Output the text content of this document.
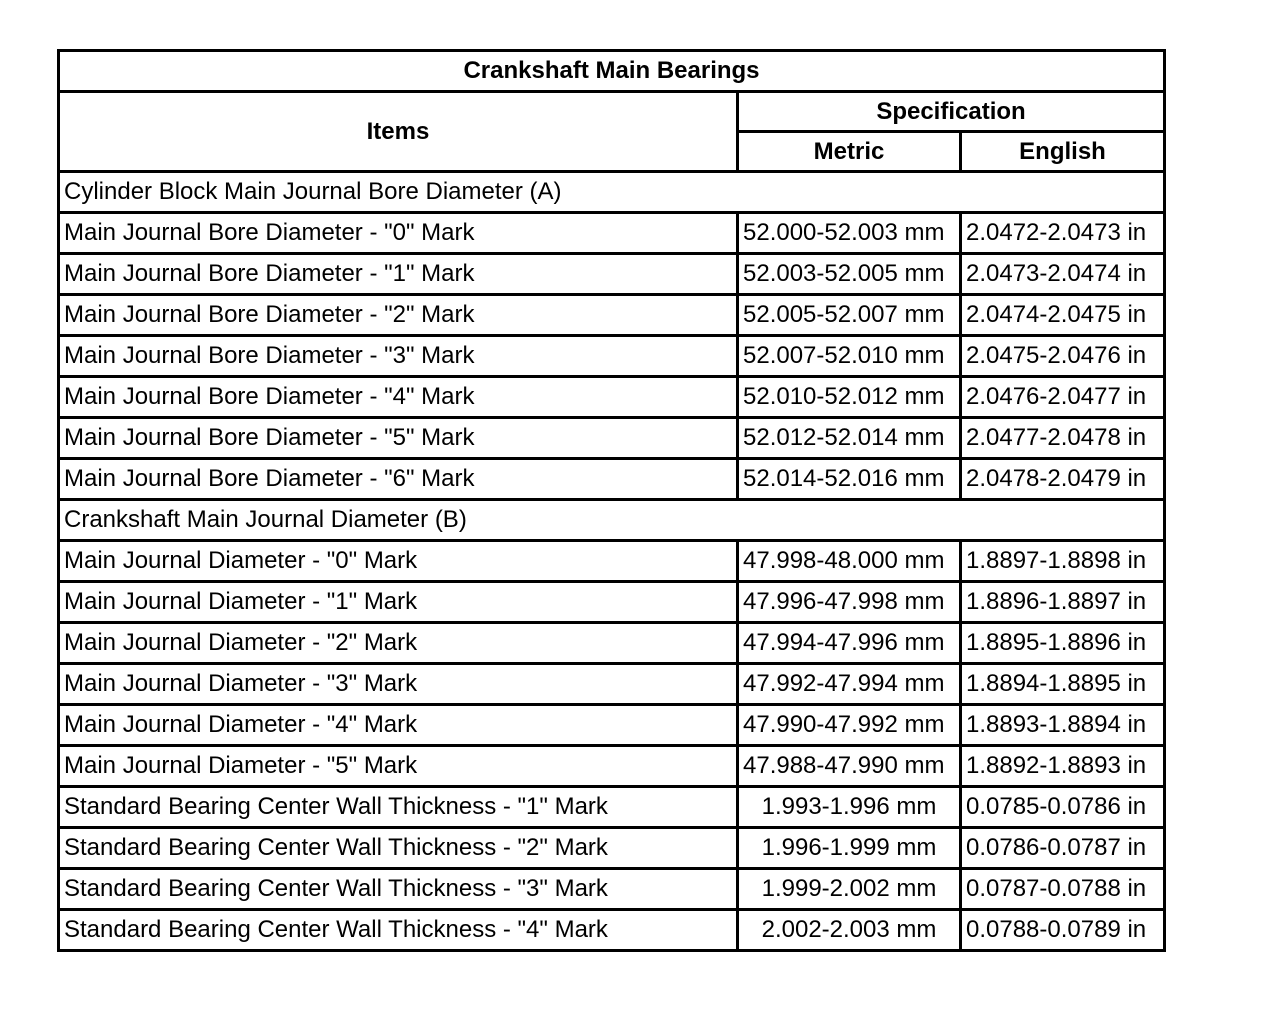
Crankshaft Main Bearings		
Items	Specification	
	Metric	English
Cylinder Block Main Journal Bore Diameter (A)		
Main Journal Bore Diameter - "0" Mark	52.000-52.003 mm	2.0472-2.0473 in
Main Journal Bore Diameter - "1" Mark	52.003-52.005 mm	2.0473-2.0474 in
Main Journal Bore Diameter - "2" Mark	52.005-52.007 mm	2.0474-2.0475 in
Main Journal Bore Diameter - "3" Mark	52.007-52.010 mm	2.0475-2.0476 in
Main Journal Bore Diameter - "4" Mark	52.010-52.012 mm	2.0476-2.0477 in
Main Journal Bore Diameter - "5" Mark	52.012-52.014 mm	2.0477-2.0478 in
Main Journal Bore Diameter - "6" Mark	52.014-52.016 mm	2.0478-2.0479 in
Crankshaft Main Journal Diameter (B)		
Main Journal Diameter - "0" Mark	47.998-48.000 mm	1.8897-1.8898 in
Main Journal Diameter - "1" Mark	47.996-47.998 mm	1.8896-1.8897 in
Main Journal Diameter - "2" Mark	47.994-47.996 mm	1.8895-1.8896 in
Main Journal Diameter - "3" Mark	47.992-47.994 mm	1.8894-1.8895 in
Main Journal Diameter - "4" Mark	47.990-47.992 mm	1.8893-1.8894 in
Main Journal Diameter - "5" Mark	47.988-47.990 mm	1.8892-1.8893 in
Standard Bearing Center Wall Thickness - "1" Mark	1.993-1.996 mm	0.0785-0.0786 in
Standard Bearing Center Wall Thickness - "2" Mark	1.996-1.999 mm	0.0786-0.0787 in
Standard Bearing Center Wall Thickness - "3" Mark	1.999-2.002 mm	0.0787-0.0788 in
Standard Bearing Center Wall Thickness - "4" Mark	2.002-2.003 mm	0.0788-0.0789 in
